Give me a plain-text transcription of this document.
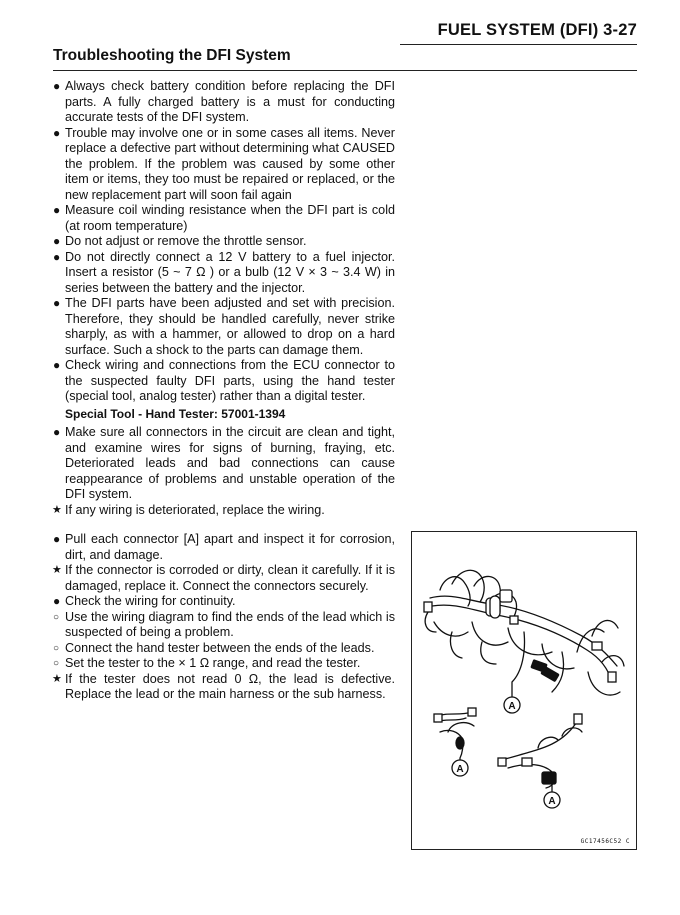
FUEL SYSTEM (DFI) 3-27
Troubleshooting the DFI System
● Always check battery condition before replacing the DFI parts. A fully charged battery is a must for conducting accurate tests of the DFI system.
● Trouble may involve one or in some cases all items. Never replace a defective part without determining what CAUSED the problem. If the problem was caused by some other item or items, they too must be repaired or replaced, or the new replacement part will soon fail again
● Measure coil winding resistance when the DFI part is cold (at room temperature)
● Do not adjust or remove the throttle sensor.
● Do not directly connect a 12 V battery to a fuel injector. Insert a resistor (5 ~ 7 Ω ) or a bulb (12 V × 3 ~ 3.4 W) in series between the battery and the injector.
● The DFI parts have been adjusted and set with precision. Therefore, they should be handled carefully, never strike sharply, as with a hammer, or allowed to drop on a hard surface. Such a shock to the parts can damage them.
● Check wiring and connections from the ECU connector to the suspected faulty DFI parts, using the hand tester (special tool, analog tester) rather than a digital tester.
Special Tool - Hand Tester: 57001-1394
● Make sure all connectors in the circuit are clean and tight, and examine wires for signs of burning, fraying, etc. Deteriorated leads and bad connections can cause reappearance of problems and unstable operation of the DFI system.
★ If any wiring is deteriorated, replace the wiring.
● Pull each connector [A] apart and inspect it for corrosion, dirt, and damage.
★ If the connector is corroded or dirty, clean it carefully. If it is damaged, replace it. Connect the connectors securely.
● Check the wiring for continuity.
○ Use the wiring diagram to find the ends of the lead which is suspected of being a problem.
○ Connect the hand tester between the ends of the leads.
○ Set the tester to the × 1 Ω range, and read the tester.
★ If the tester does not read 0 Ω, the lead is defective. Replace the lead or the main harness or the sub harness.
A
A
A
GC17456C52 C
